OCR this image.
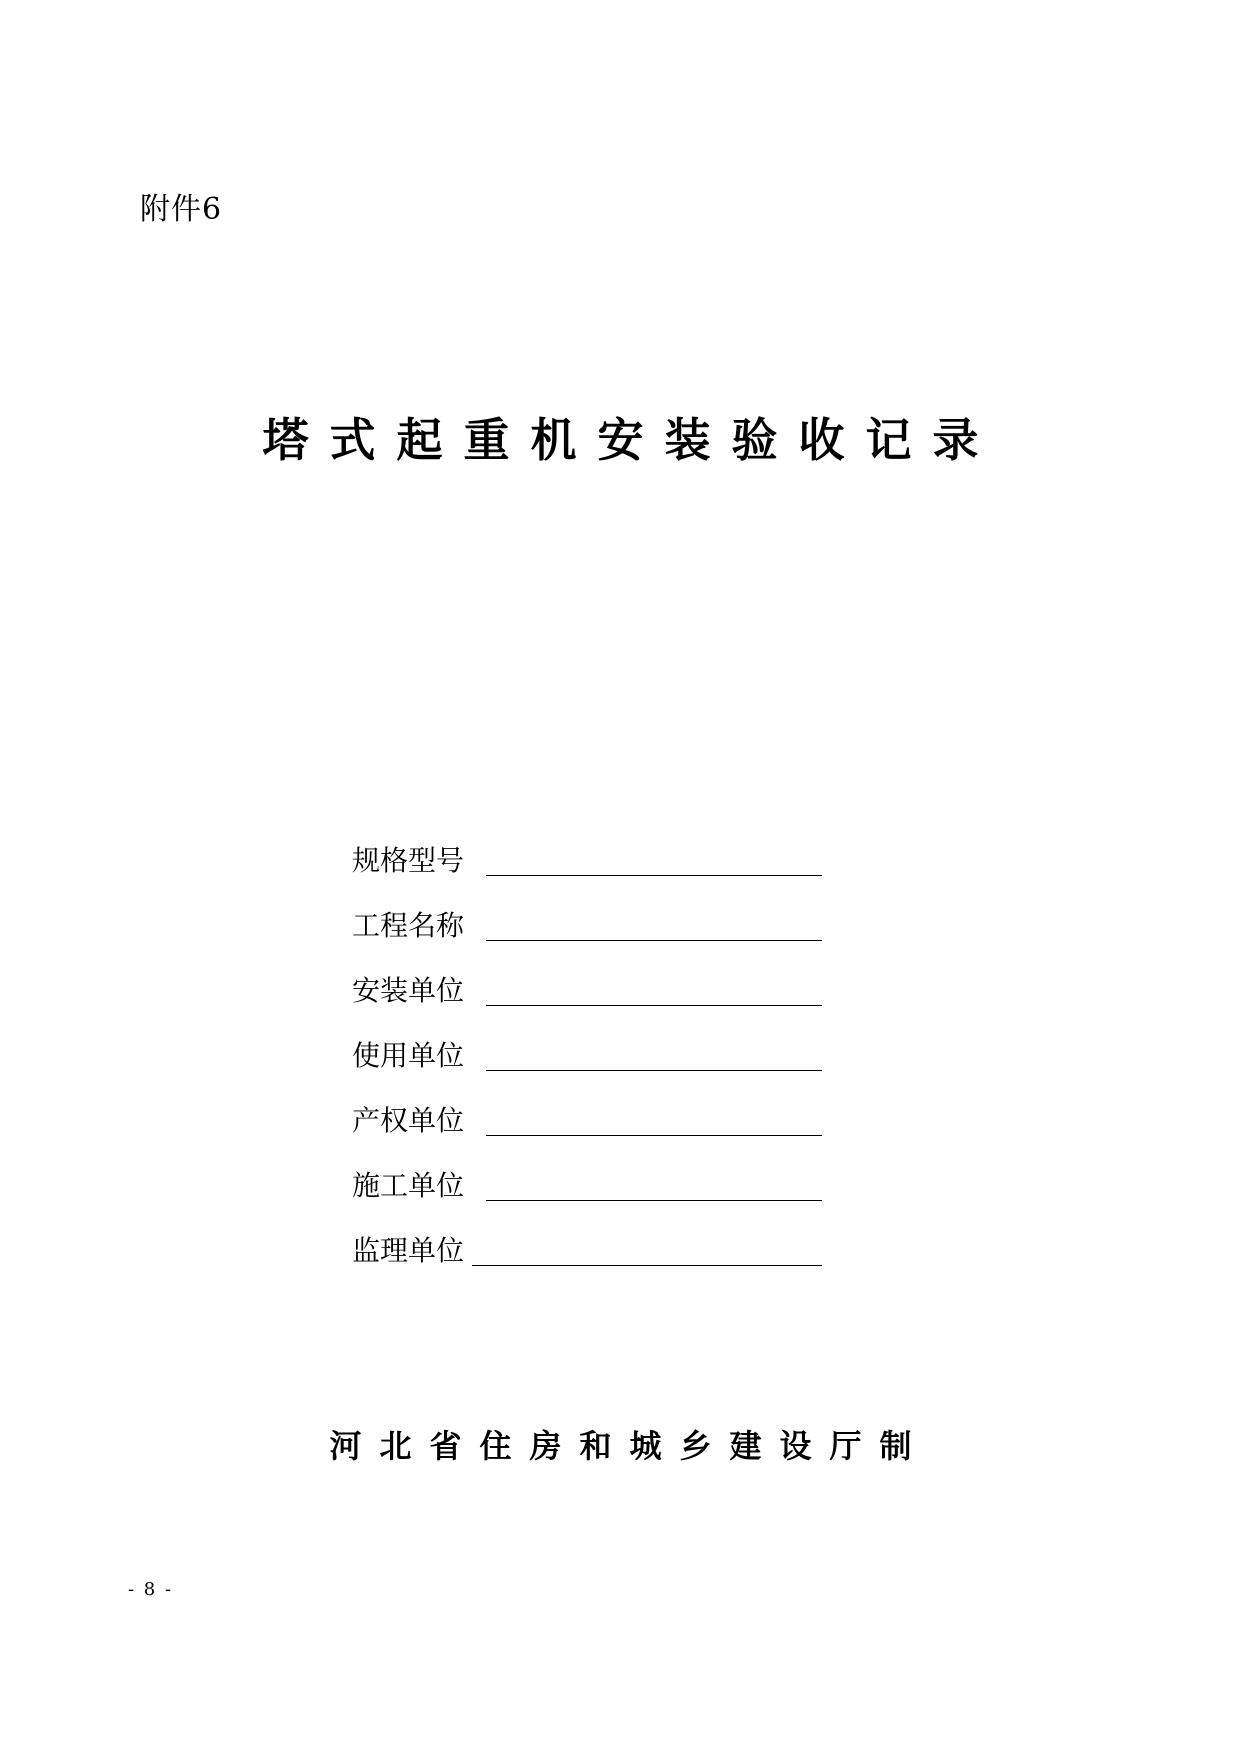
附件6
塔式起重机安装验收记录
规格型号
工程名称
安装单位
使用单位
产权单位
施工单位
监理单位
河北省住房和城乡建设厅制
- 8 -
